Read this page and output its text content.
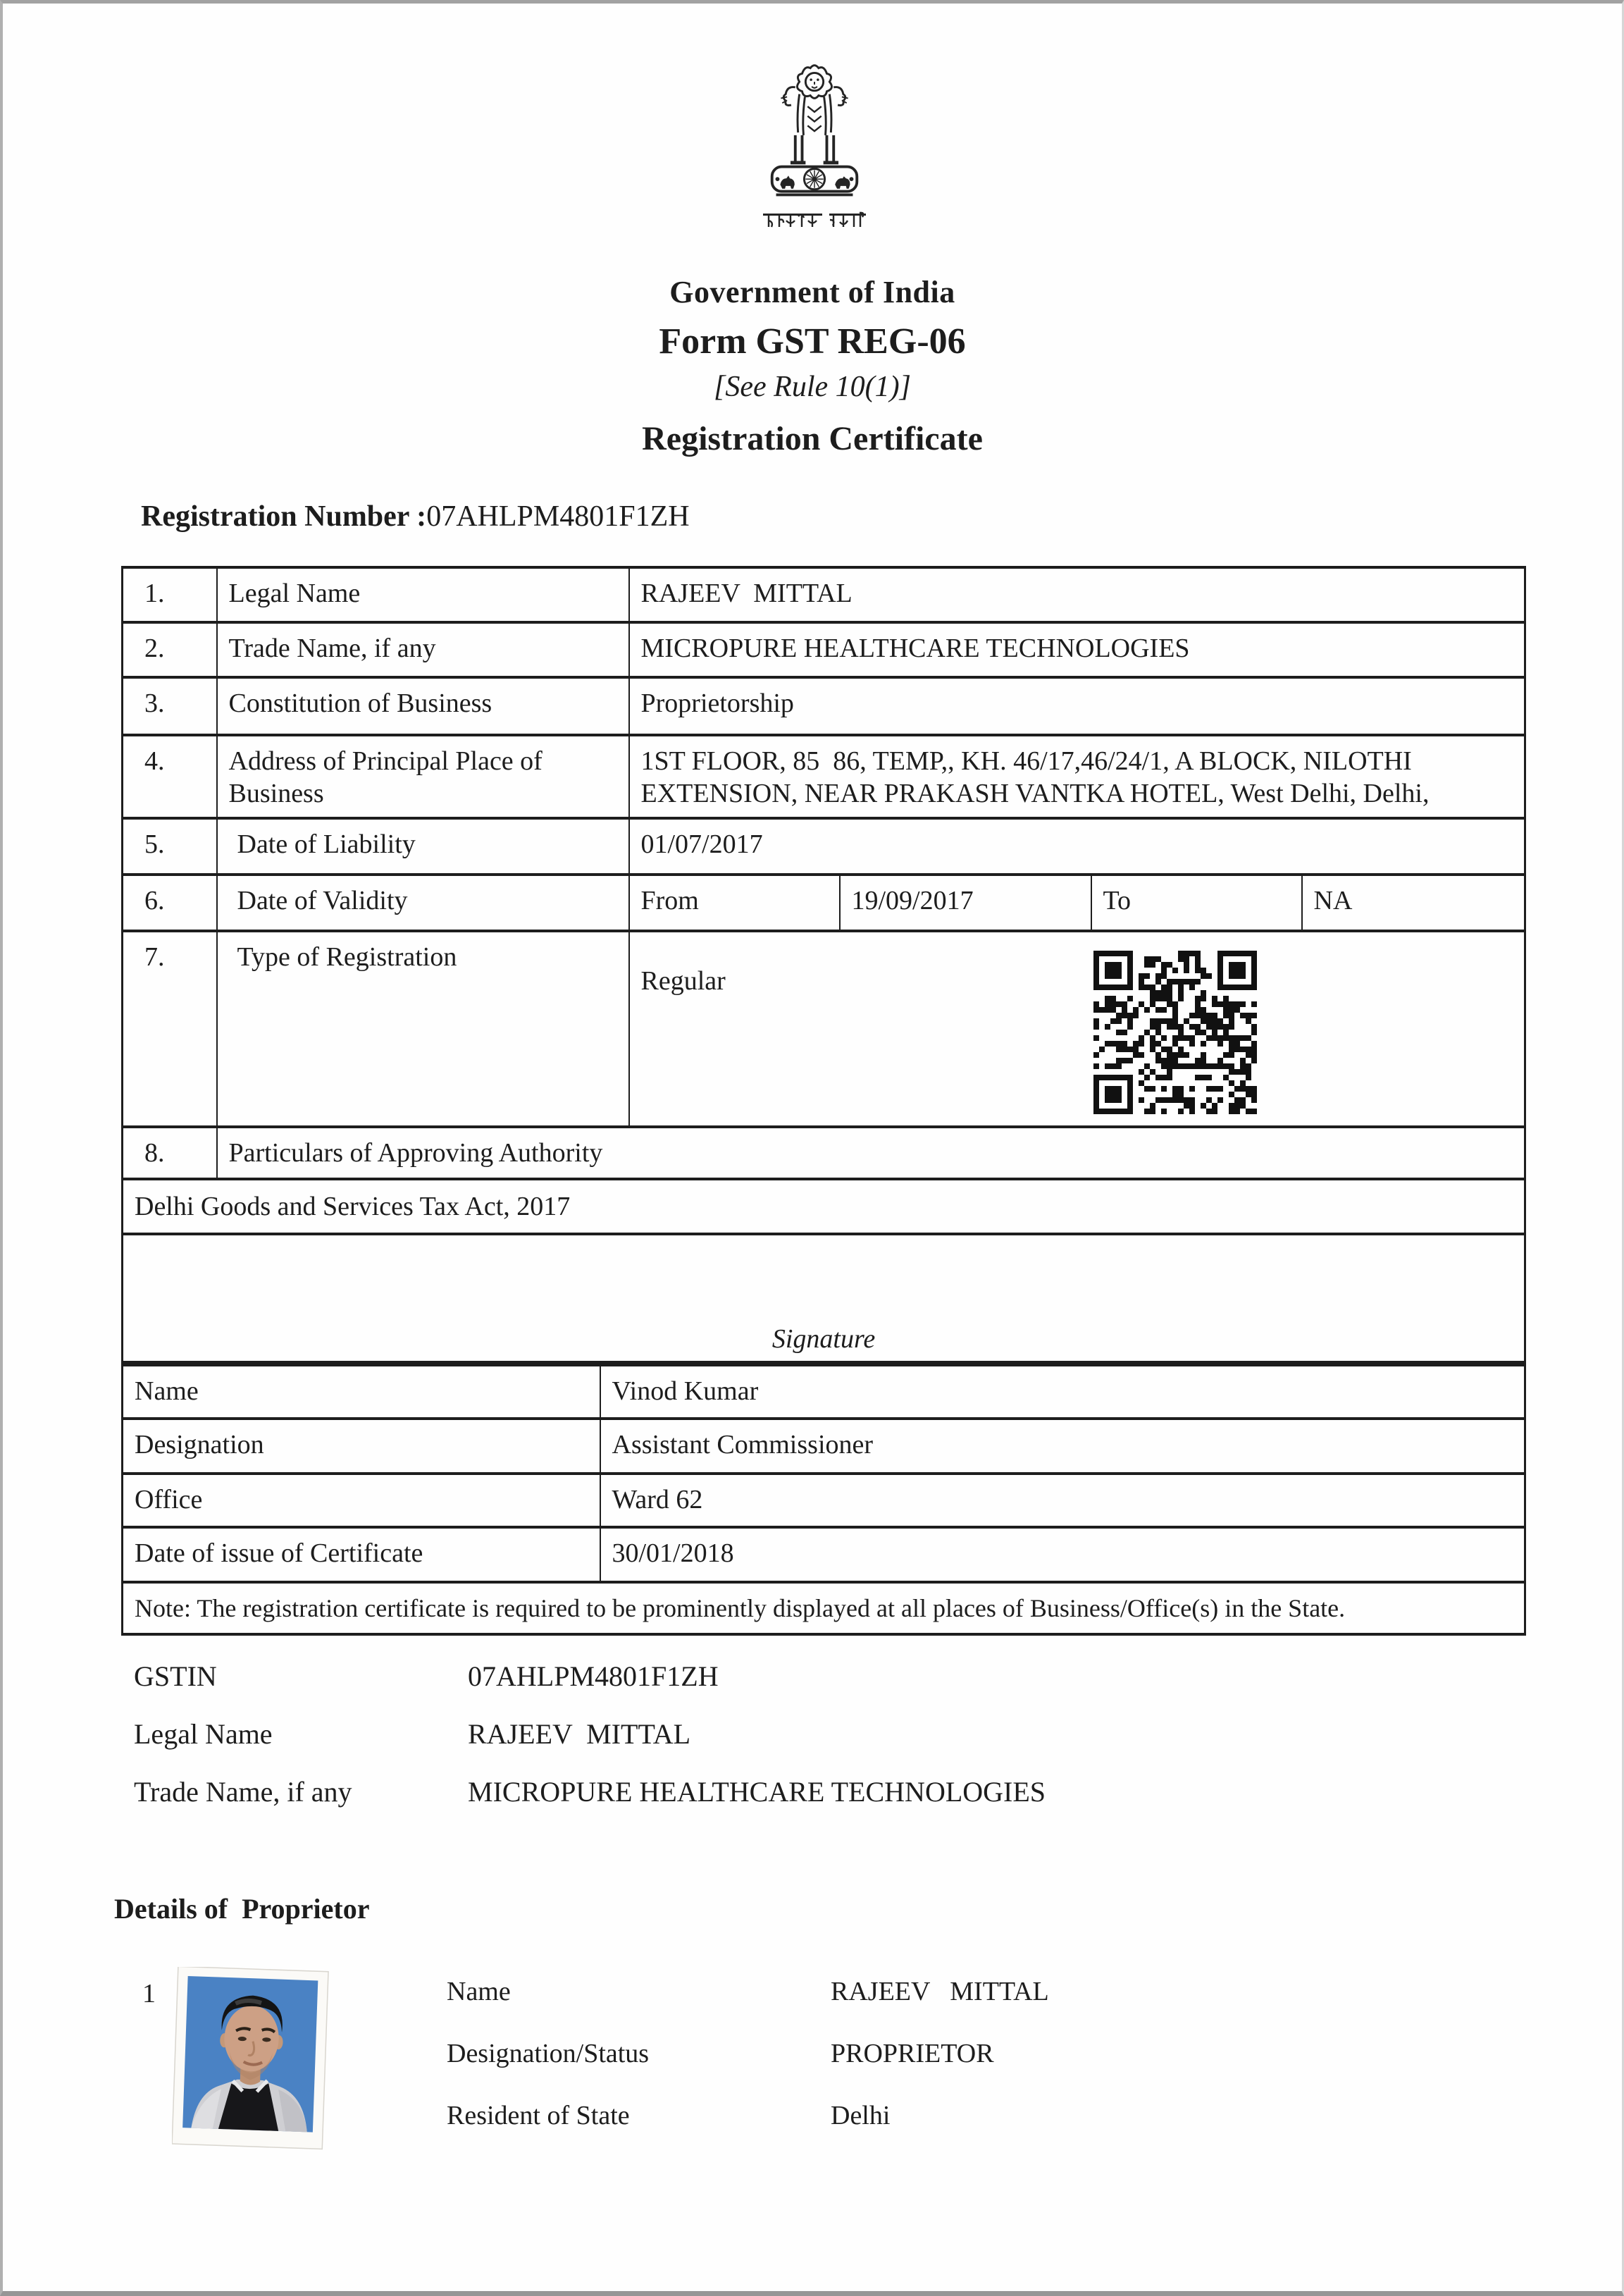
Government of India
Form GST REG-06
[See Rule 10(1)]
Registration Certificate
Registration Number :07AHLPM4801F1ZH
1.	Legal Name	RAJEEV  MITTAL			
2.	Trade Name, if any	MICROPURE HEALTHCARE TECHNOLOGIES			
3.	Constitution of Business	Proprietorship			
4.	Address of Principal Place of Business	1ST FLOOR, 85  86, TEMP,, KH. 46/17,46/24/1, A BLOCK, NILOTHI
EXTENSION, NEAR PRAKASH VANTKA HOTEL, West Delhi, Delhi,			

5.	Date of Liability	01/07/2017			
6.	Date of Validity	From	19/09/2017	To	NA
7.	Type of Registration	Regular			

8.	Particulars of Approving Authority				
Delhi Goods and Services Tax Act, 2017					

Signature					
Name	Vinod Kumar
Designation	Assistant Commissioner
Office	Ward 62
Date of issue of Certificate	30/01/2018
Note: The registration certificate is required to be prominently displayed at all places of Business/Office(s) in the State.	
GSTIN	07AHLPM4801F1ZH
Legal Name	RAJEEV  MITTAL
Trade Name, if any	MICROPURE HEALTHCARE TECHNOLOGIES
Details of  Proprietor
1	Name	RAJEEV   MITTAL
Designation/Status	PROPRIETOR
Resident of State	Delhi
